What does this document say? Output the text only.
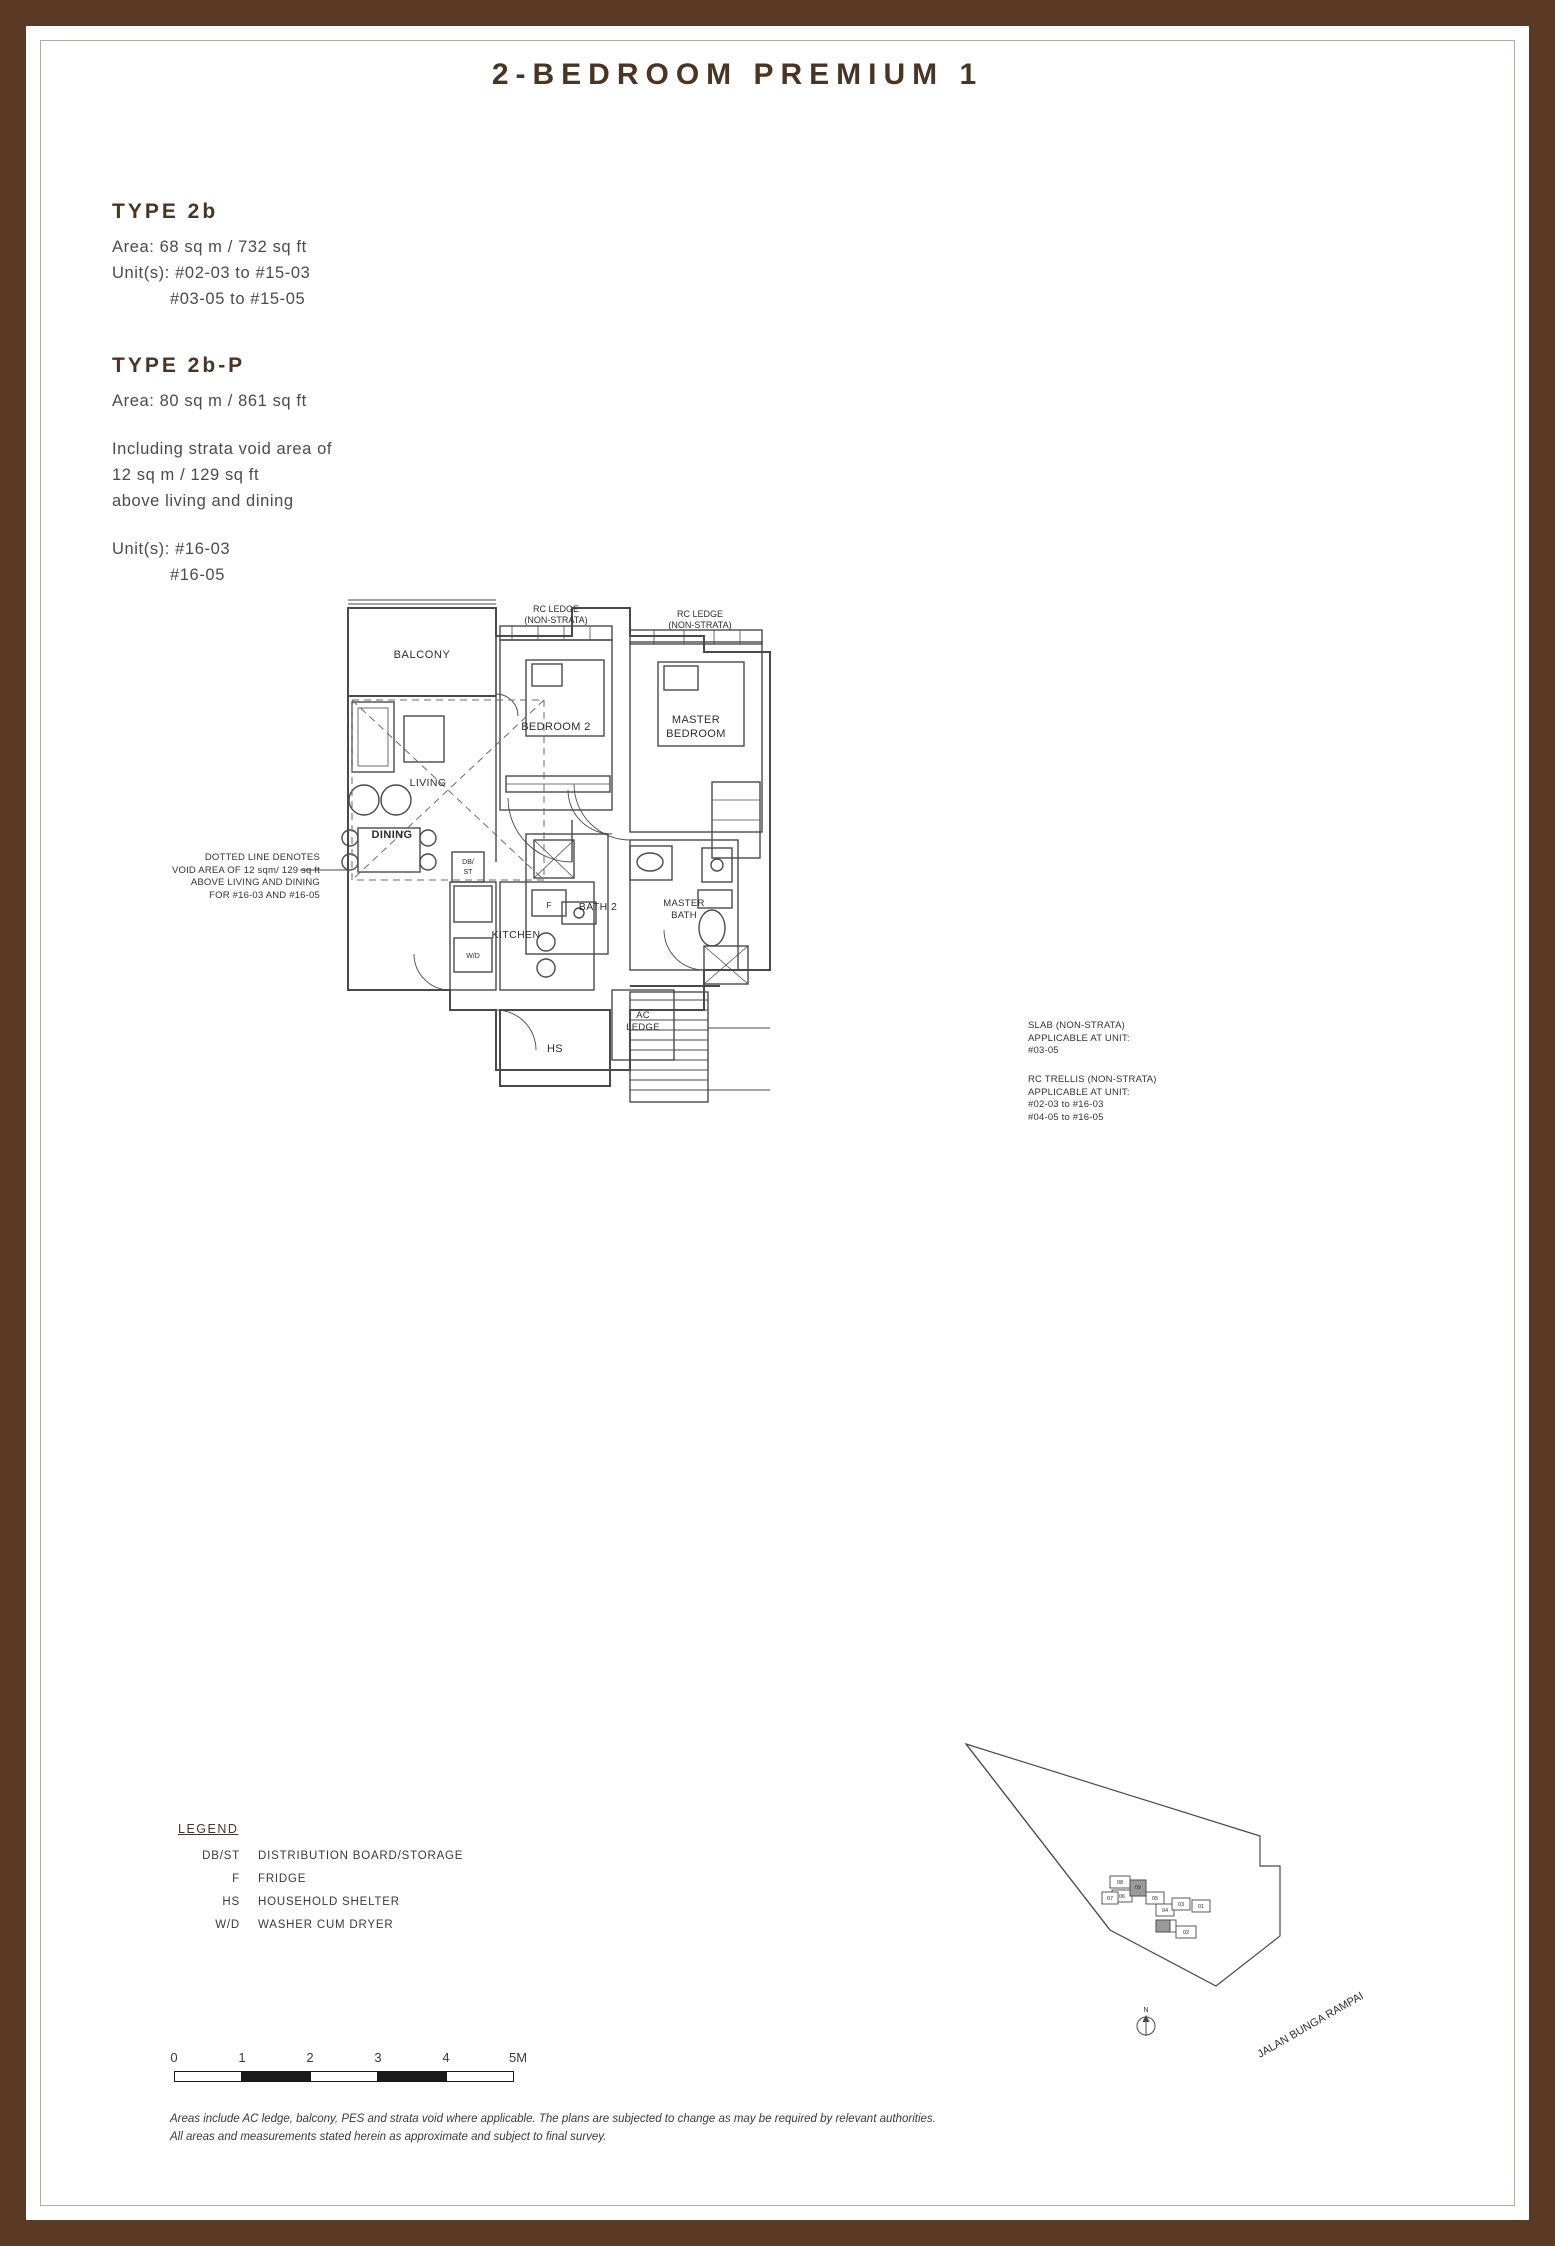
2-BEDROOM PREMIUM 1
TYPE 2b
Area: 68 sq m / 732 sq ft
Unit(s): #02-03 to #15-03
#03-05 to #15-05
TYPE 2b-P
Area: 80 sq m / 861 sq ft
Including strata void area of
12 sq m / 129 sq ft
above living and dining
Unit(s): #16-03
#16-05
BALCONY
BEDROOM 2
MASTER
BEDROOM
LIVING
DINING
KITCHEN
BATH 2	MASTER
BATH
AC
LEDGE
HS
DB/
ST
F
W/D
RC LEDGE
(NON-STRATA)
RC LEDGE
(NON-STRATA)
DOTTED LINE DENOTES
VOID AREA OF 12 sqm/ 129 sq ft
ABOVE LIVING AND DINING
FOR #16-03 AND #16-05
SLAB (NON-STRATA)
APPLICABLE AT UNIT:
#03-05
RC TRELLIS (NON-STRATA)
APPLICABLE AT UNIT:
#02-03 to #16-03
#04-05 to #16-05
LEGEND
DB/ST	DISTRIBUTION BOARD/STORAGE
F	FRIDGE
HS	HOUSEHOLD SHELTER
W/D	WASHER CUM DRYER
0	1	2	3	4	5M
08
09
07 06	05
04
03	01
02
N	JALAN BUNGA RAMPAI
Areas include AC ledge, balcony, PES and strata void where applicable. The plans are subjected to change as may be required by relevant authorities.
All areas and measurements stated herein as approximate and subject to final survey.
